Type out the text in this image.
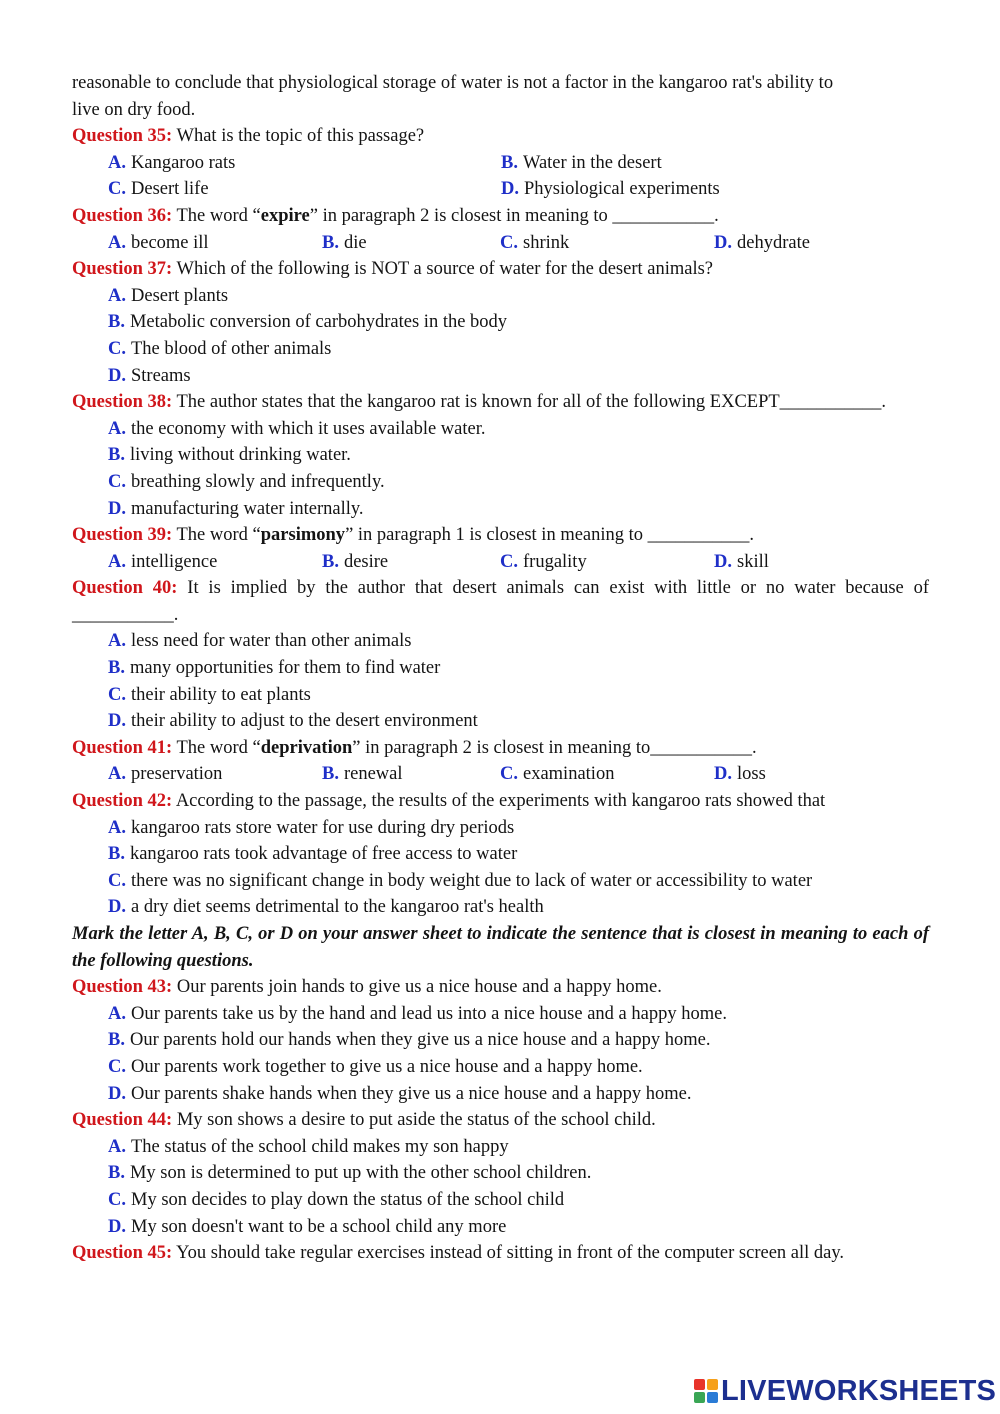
reasonable to conclude that physiological storage of water is not a factor in the kangaroo rat's ability to
live on dry food.
Question 35: What is the topic of this passage?
A. Kangaroo rats	B. Water in the desert
C. Desert life	D. Physiological experiments
Question 36: The word “expire” in paragraph 2 is closest in meaning to ___________.
A. become ill	B. die	C. shrink	D. dehydrate
Question 37: Which of the following is NOT a source of water for the desert animals?
A. Desert plants
B. Metabolic conversion of carbohydrates in the body
C. The blood of other animals
D. Streams
Question 38: The author states that the kangaroo rat is known for all of the following EXCEPT___________.
A. the economy with which it uses available water.
B. living without drinking water.
C. breathing slowly and infrequently.
D. manufacturing water internally.
Question 39: The word “parsimony” in paragraph 1 is closest in meaning to ___________.
A. intelligence	B. desire	C. frugality	D. skill
Question 40: It is implied by the author that desert animals can exist with little or no water because of ___________.
A. less need for water than other animals
B. many opportunities for them to find water
C. their ability to eat plants
D. their ability to adjust to the desert environment
Question 41: The word “deprivation” in paragraph 2 is closest in meaning to___________.
A. preservation	B. renewal	C. examination	D. loss
Question 42: According to the passage, the results of the experiments with kangaroo rats showed that
A. kangaroo rats store water for use during dry periods
B. kangaroo rats took advantage of free access to water
C. there was no significant change in body weight due to lack of water or accessibility to water
D. a dry diet seems detrimental to the kangaroo rat's health
Mark the letter A, B, C, or D on your answer sheet to indicate the sentence that is closest in meaning to each of the following questions.
Question 43: Our parents join hands to give us a nice house and a happy home.
A. Our parents take us by the hand and lead us into a nice house and a happy home.
B. Our parents hold our hands when they give us a nice house and a happy home.
C. Our parents work together to give us a nice house and a happy home.
D. Our parents shake hands when they give us a nice house and a happy home.
Question 44: My son shows a desire to put aside the status of the school child.
A. The status of the school child makes my son happy
B. My son is determined to put up with the other school children.
C. My son decides to play down the status of the school child
D. My son doesn't want to be a school child any more
Question 45: You should take regular exercises instead of sitting in front of the computer screen all day.
LIVEWORKSHEETS
